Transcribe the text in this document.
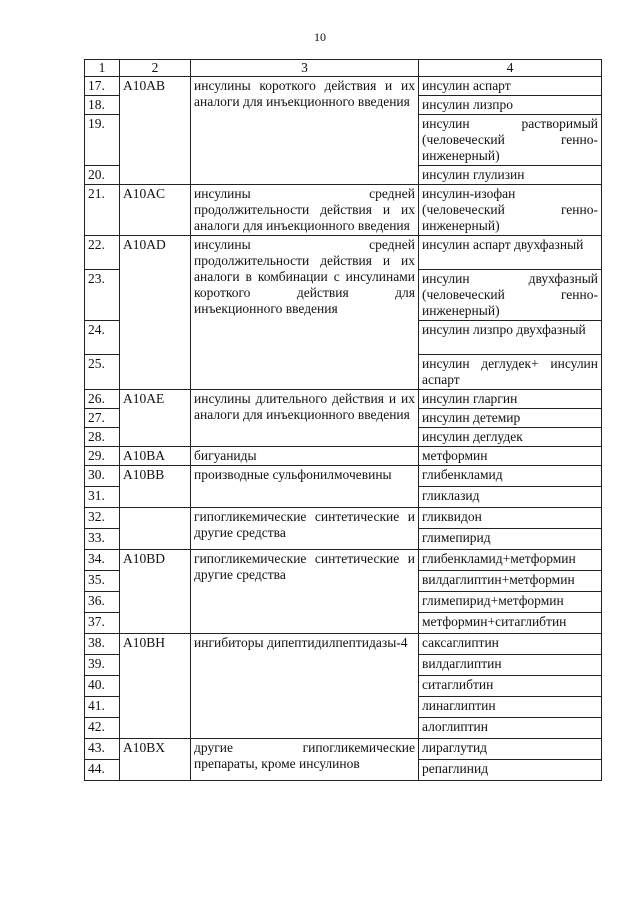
10
1	2	3	4
17.	A10AB	инсулины короткого действия и их аналоги для инъекционного введения	инсулин аспарт
18.			инсулин лизпро
19.			инсулин растворимый (человеческий генно-инженерный)
20.			инсулин глулизин
21.	A10AC	инсулины средней продолжительности действия и их аналоги для инъекционного введения	инсулин-изофан (человеческий генно-инженерный)
22.	A10AD	инсулины средней продолжительности действия и их аналоги в комбинации с инсулинами короткого действия для инъекционного введения	инсулин аспарт двухфазный
23.			инсулин двухфазный (человеческий генно-инженерный)
24.			инсулин лизпро двухфазный
25.			инсулин деглудек+ инсулин аспарт
26.	A10AE	инсулины длительного действия и их аналоги для инъекционного введения	инсулин гларгин
27.			инсулин детемир
28.			инсулин деглудек
29.	A10BA	бигуаниды	метформин
30.	A10BB	производные сульфонилмочевины	глибенкламид
31.			гликлазид
32.		гипогликемические синтетические и другие средства	гликвидон
33.			глимепирид
34.	A10BD	гипогликемические синтетические и другие средства	глибенкламид+метформин
35.			вилдаглиптин+метформин
36.			глимепирид+метформин
37.			метформин+ситаглибтин
38.	A10BH	ингибиторы дипептидилпептидазы-4	саксаглиптин
39.			вилдаглиптин
40.			ситаглибтин
41.			линаглиптин
42.			алоглиптин
43.	A10BX	другие гипогликемические препараты, кроме инсулинов	лираглутид
44.			репаглинид
